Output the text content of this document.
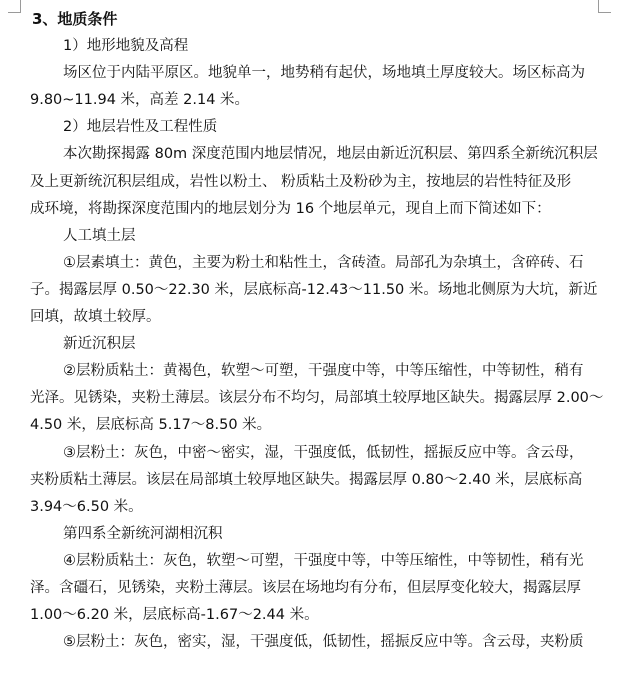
3、地质条件
1）地形地貌及高程
场区位于内陆平原区。地貌单一，地势稍有起伏，场地填土厚度较大。场区标高为
9.80~11.94 米，高差 2.14 米。
2）地层岩性及工程性质
本次勘探揭露 80m 深度范围内地层情况，地层由新近沉积层、第四系全新统沉积层
及上更新统沉积层组成，岩性以粉土、 粉质粘土及粉砂为主，按地层的岩性特征及形
成环境，将勘探深度范围内的地层划分为 16 个地层单元，现自上而下简述如下：
人工填土层
①层素填土：黄色，主要为粉土和粘性土，含砖渣。局部孔为杂填土，含碎砖、石
子。揭露层厚 0.50～22.30 米，层底标高-12.43～11.50 米。场地北侧原为大坑，新近
回填，故填土较厚。
新近沉积层
②层粉质粘土：黄褐色，软塑～可塑，干强度中等，中等压缩性，中等韧性，稍有
光泽。见锈染，夹粉土薄层。该层分布不均匀，局部填土较厚地区缺失。揭露层厚 2.00～
4.50 米，层底标高 5.17～8.50 米。
③层粉土：灰色，中密～密实，湿，干强度低，低韧性，摇振反应中等。含云母，
夹粉质粘土薄层。该层在局部填土较厚地区缺失。揭露层厚 0.80～2.40 米，层底标高
3.94～6.50 米。
第四系全新统河湖相沉积
④层粉质粘土：灰色，软塑～可塑，干强度中等，中等压缩性，中等韧性，稍有光
泽。含礓石，见锈染，夹粉土薄层。该层在场地均有分布，但层厚变化较大，揭露层厚
1.00～6.20 米，层底标高-1.67～2.44 米。
⑤层粉土：灰色，密实，湿，干强度低，低韧性，摇振反应中等。含云母，夹粉质
